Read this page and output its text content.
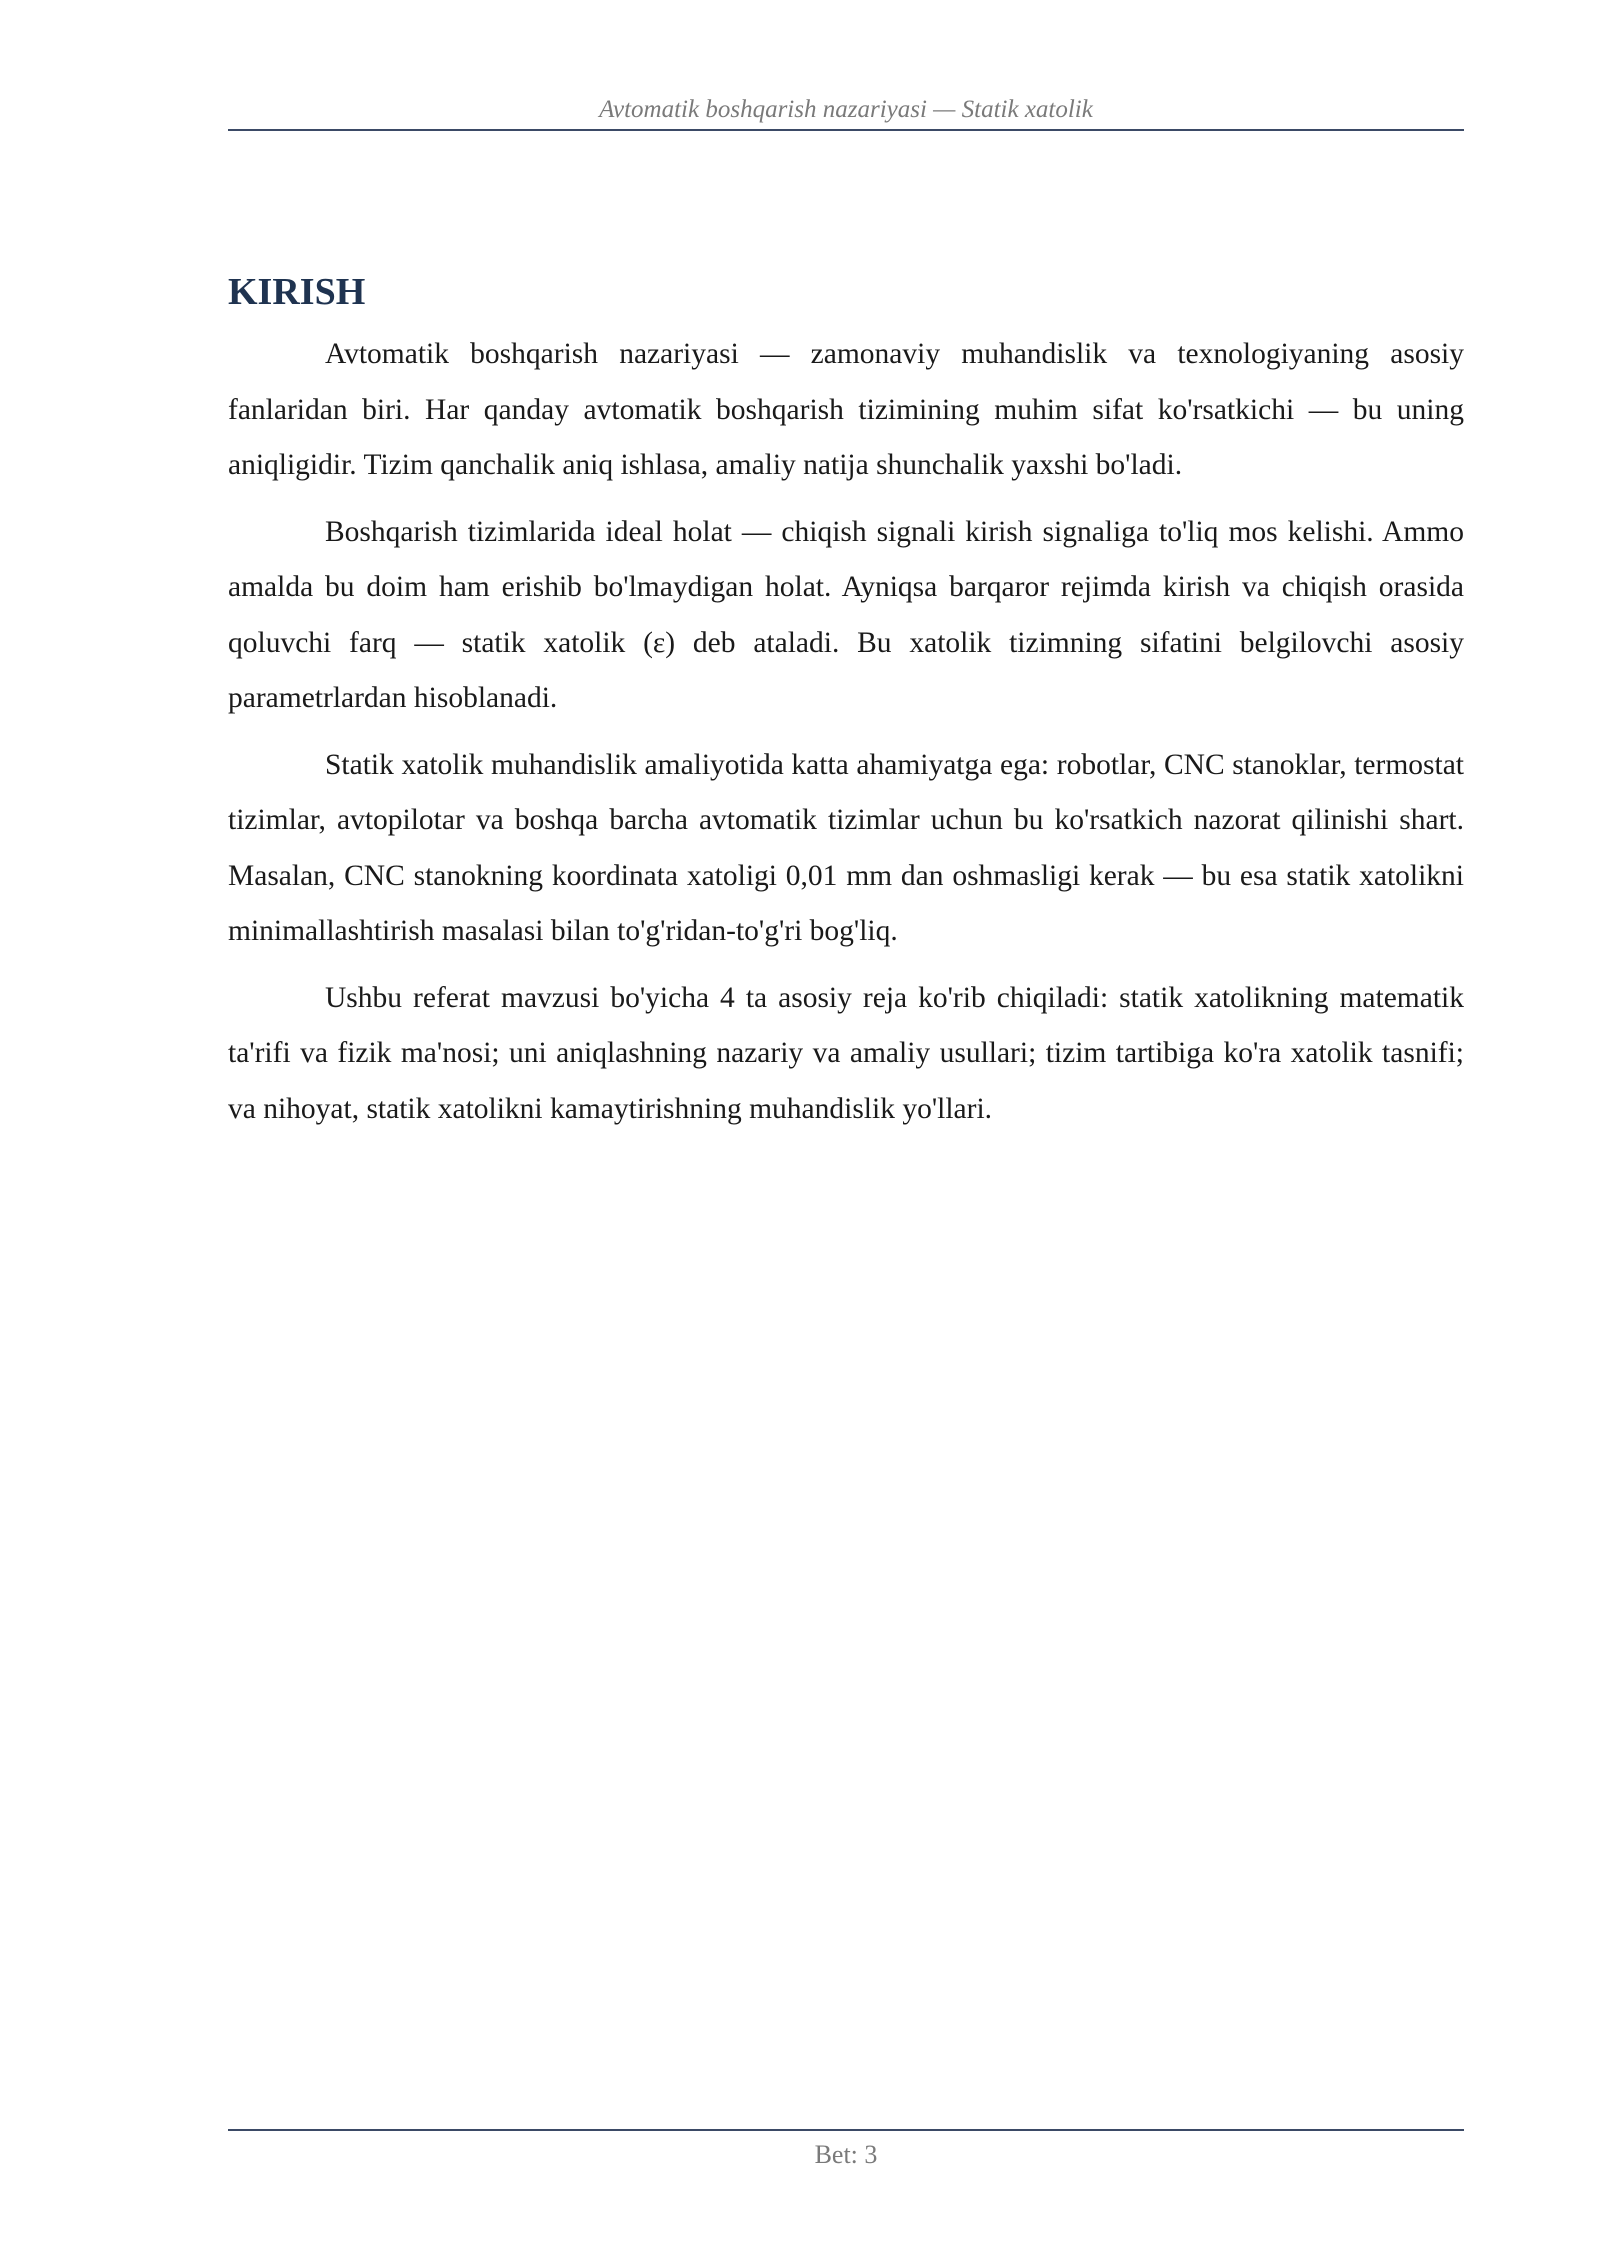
Avtomatik boshqarish nazariyasi — Statik xatolik
KIRISH

Avtomatik boshqarish nazariyasi — zamonaviy muhandislik va texnologiyaning asosiy fanlaridan biri. Har qanday avtomatik boshqarish tizimining muhim sifat ko'rsatkichi — bu uning aniqligidir. Tizim qanchalik aniq ishlasa, amaliy natija shunchalik yaxshi bo'ladi.

Boshqarish tizimlarida ideal holat — chiqish signali kirish signaliga to'liq mos kelishi. Ammo amalda bu doim ham erishib bo'lmaydigan holat. Ayniqsa barqaror rejimda kirish va chiqish orasida qoluvchi farq — statik xatolik (ε) deb ataladi. Bu xatolik tizimning sifatini belgilovchi asosiy parametrlardan hisoblanadi.

Statik xatolik muhandislik amaliyotida katta ahamiyatga ega: robotlar, CNC stanoklar, termostat tizimlar, avtopilotar va boshqa barcha avtomatik tizimlar uchun bu ko'rsatkich nazorat qilinishi shart. Masalan, CNC stanokning koordinata xatoligi 0,01 mm dan oshmasligi kerak — bu esa statik xatolikni minimallashtirish masalasi bilan to'g'ridan-to'g'ri bog'liq.

Ushbu referat mavzusi bo'yicha 4 ta asosiy reja ko'rib chiqiladi: statik xatolikning matematik ta'rifi va fizik ma'nosi; uni aniqlashning nazariy va amaliy usullari; tizim tartibiga ko'ra xatolik tasnifi; va nihoyat, statik xatolikni kamaytirishning muhandislik yo'llari.

Bet: 3
